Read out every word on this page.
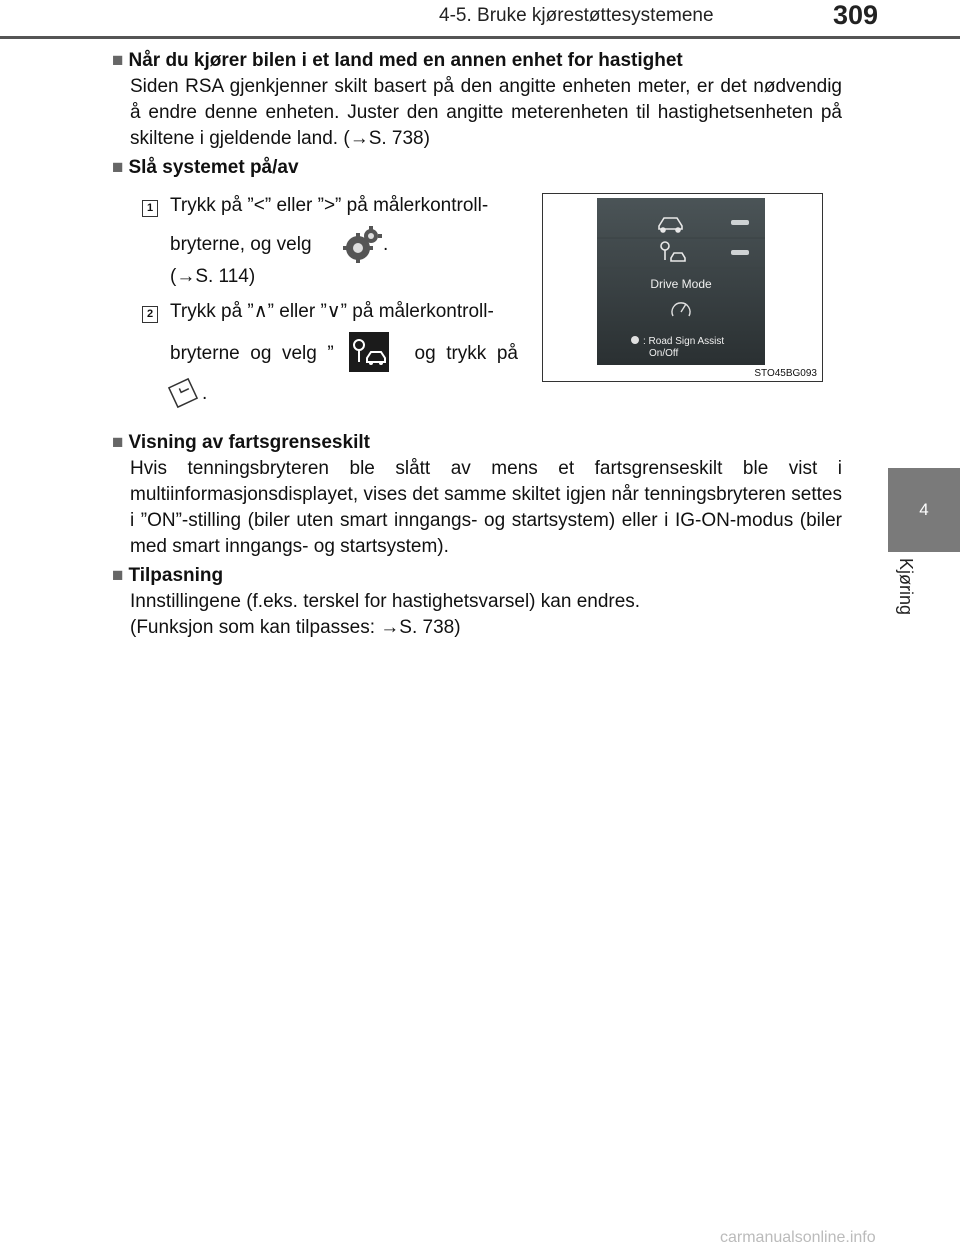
4-5. Bruke kjørestøttesystemene	309
4
Kjøring
■ Når du kjører bilen i et land med en annen enhet for hastighet
Siden RSA gjenkjenner skilt basert på den angitte enheten meter, er det nødvendig å endre denne enheten. Juster den angitte meterenheten til hastighetsenheten på skiltene i gjeldende land. (→S. 738)
■ Slå systemet på/av
1 Trykk på ”<” eller ”>” på målerkontroll-
bryterne, og velg	.
(→S. 114)
2 Trykk på ”∧” eller ”∨” på målerkontroll-
bryterne  og  velg  ”	og  trykk  på
.
Drive Mode
: Road Sign Assist
On/Off
STO45BG093
■ Visning av fartsgrenseskilt
Hvis tenningsbryteren ble slått av mens et fartsgrenseskilt ble vist i multiinformasjonsdisplayet, vises det samme skiltet igjen når tenningsbryteren settes i ”ON”-stilling (biler uten smart inngangs- og startsystem) eller i IG-ON-modus (biler med smart inngangs- og startsystem).
■ Tilpasning
Innstillingene (f.eks. terskel for hastighetsvarsel) kan endres.
(Funksjon som kan tilpasses: →S. 738)
carmanualsonline.info
